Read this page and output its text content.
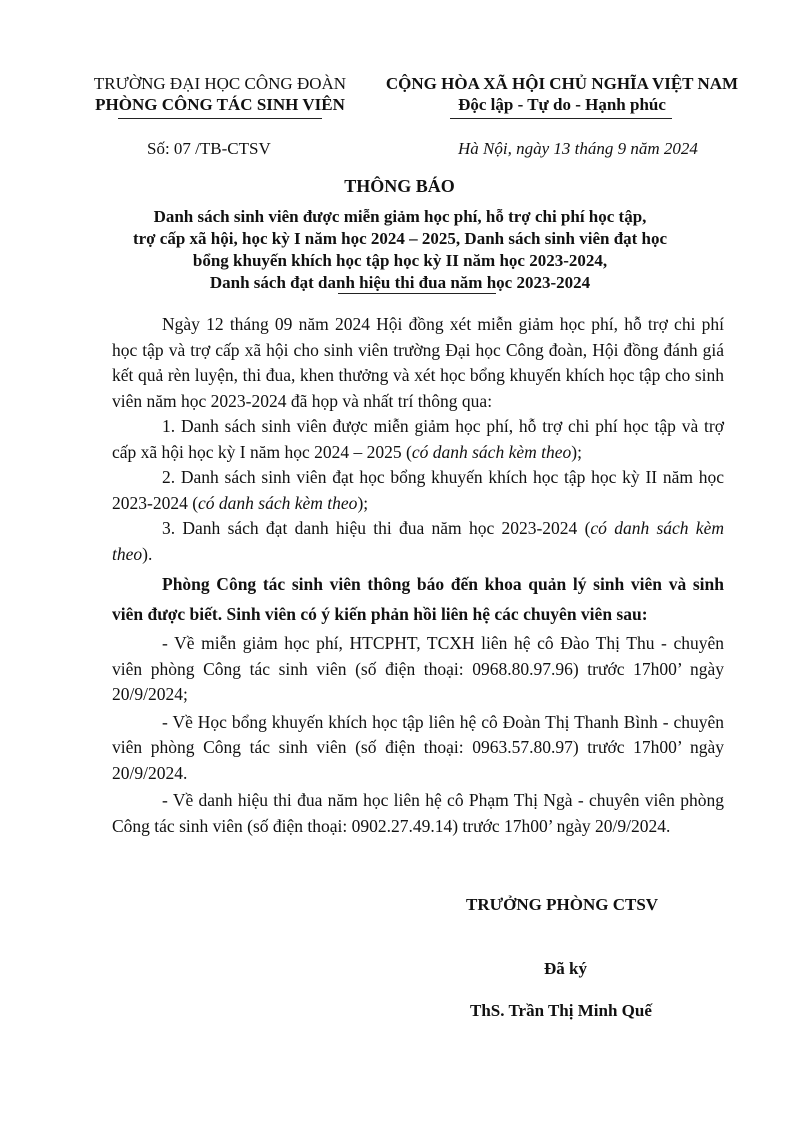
TRƯỜNG ĐẠI HỌC CÔNG ĐOÀN
PHÒNG CÔNG TÁC SINH VIÊN
CỘNG HÒA XÃ HỘI CHỦ NGHĨA VIỆT NAM
Độc lập - Tự do - Hạnh phúc
Số: 07 /TB-CTSV	Hà Nội, ngày 13 tháng 9 năm 2024
THÔNG BÁO
Danh sách sinh viên được miễn giảm học phí, hỗ trợ chi phí học tập,
trợ cấp xã hội, học kỳ I năm học 2024 – 2025, Danh sách sinh viên đạt học
bổng khuyến khích học tập học kỳ II năm học 2023-2024,
Danh sách đạt danh hiệu thi đua năm học 2023-2024
Ngày 12 tháng 09 năm 2024 Hội đồng xét miễn giảm học phí, hỗ trợ chi phí học tập và trợ cấp xã hội cho sinh viên trường Đại học Công đoàn, Hội đồng đánh giá kết quả rèn luyện, thi đua, khen thưởng và xét học bổng khuyến khích học tập cho sinh viên năm học 2023-2024 đã họp và nhất trí thông qua:
1. Danh sách sinh viên được miễn giảm học phí, hỗ trợ chi phí học tập và trợ cấp xã hội học kỳ I năm học 2024 – 2025 (có danh sách kèm theo);
2. Danh sách sinh viên đạt học bổng khuyến khích học tập học kỳ II năm học 2023-2024 (có danh sách kèm theo);
3. Danh sách đạt danh hiệu thi đua năm học 2023-2024 (có danh sách kèm theo).
Phòng Công tác sinh viên thông báo đến khoa quản lý sinh viên và sinh viên được biết. Sinh viên có ý kiến phản hồi liên hệ các chuyên viên sau:
- Về miễn giảm học phí, HTCPHT, TCXH liên hệ cô Đào Thị Thu - chuyên viên phòng Công tác sinh viên (số điện thoại: 0968.80.97.96) trước 17h00’ ngày 20/9/2024;
- Về Học bổng khuyến khích học tập liên hệ cô Đoàn Thị Thanh Bình - chuyên viên phòng Công tác sinh viên (số điện thoại: 0963.57.80.97) trước 17h00’ ngày 20/9/2024.
- Về danh hiệu thi đua năm học liên hệ cô Phạm Thị Ngà - chuyên viên phòng Công tác sinh viên (số điện thoại: 0902.27.49.14) trước 17h00’ ngày 20/9/2024.
TRƯỞNG PHÒNG CTSV
Đã ký
ThS. Trần Thị Minh Quế
